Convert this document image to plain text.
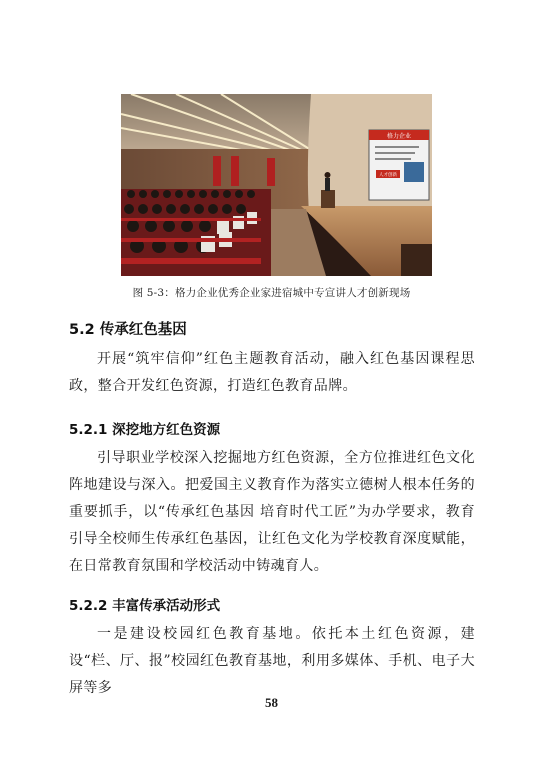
格力企业
人才创新
图 5-3：格力企业优秀企业家进宿城中专宣讲人才创新现场
5.2 传承红色基因

开展“筑牢信仰”红色主题教育活动，融入红色基因课程思政，整合开发红色资源，打造红色教育品牌。

5.2.1 深挖地方红色资源

引导职业学校深入挖掘地方红色资源，全方位推进红色文化阵地建设与深入。把爱国主义教育作为落实立德树人根本任务的重要抓手，以“传承红色基因 培育时代工匠”为办学要求，教育引导全校师生传承红色基因，让红色文化为学校教育深度赋能，在日常教育氛围和学校活动中铸魂育人。

5.2.2 丰富传承活动形式

一是建设校园红色教育基地。依托本土红色资源，建设“栏、厅、报”校园红色教育基地，利用多媒体、手机、电子大屏等多

58
